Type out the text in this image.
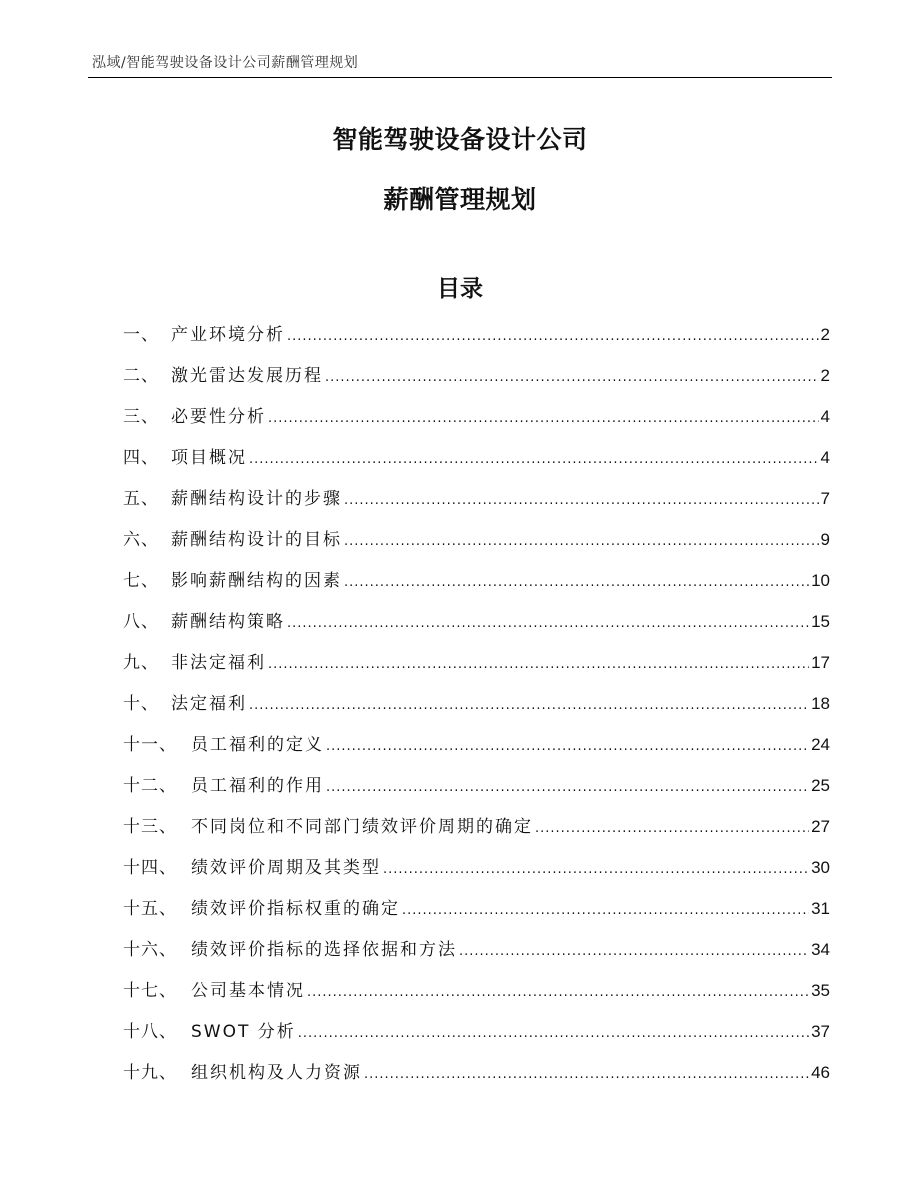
泓域/智能驾驶设备设计公司薪酬管理规划
智能驾驶设备设计公司
薪酬管理规划
目录
一、 产业环境分析 .....	2
二、 激光雷达发展历程 .....	2
三、 必要性分析 .....	4
四、 项目概况 .....	4
五、 薪酬结构设计的步骤 .....	7
六、 薪酬结构设计的目标 .....	9
七、 影响薪酬结构的因素 .....	10
八、 薪酬结构策略 .....	15
九、 非法定福利 .....	17
十、 法定福利 .....	18
十一、 员工福利的定义 .....	24
十二、 员工福利的作用 .....	25
十三、 不同岗位和不同部门绩效评价周期的确定 .....	27
十四、 绩效评价周期及其类型 .....	30
十五、 绩效评价指标权重的确定 .....	31
十六、 绩效评价指标的选择依据和方法 .....	34
十七、 公司基本情况 .....	35
十八、 SWOT 分析 .....	37
十九、 组织机构及人力资源 .....	46
